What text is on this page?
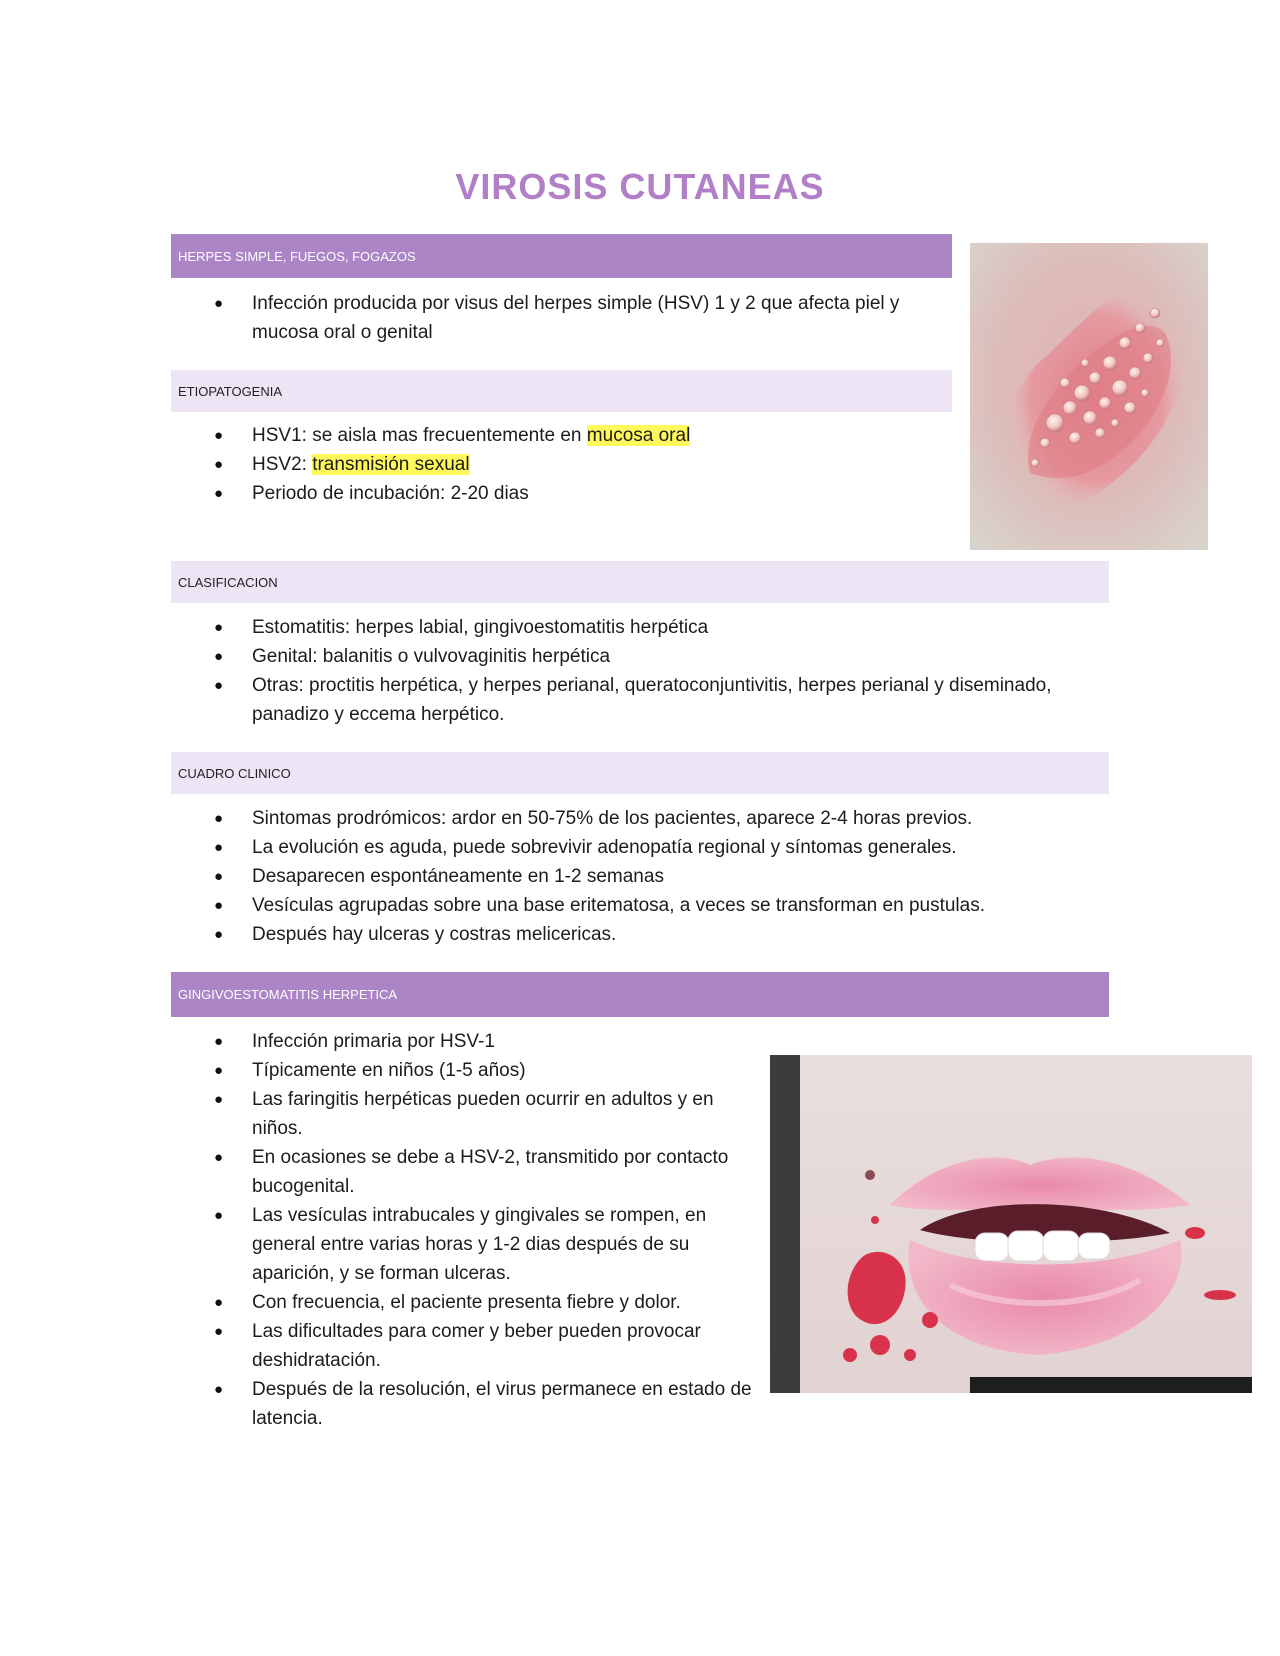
VIROSIS CUTANEAS
HERPES SIMPLE, FUEGOS, FOGAZOS
● Infección producida por visus del herpes simple (HSV) 1 y 2 que afecta piel y mucosa oral o genital
ETIOPATOGENIA
● HSV1: se aisla mas frecuentemente en mucosa oral
● HSV2: transmisión sexual
● Periodo de incubación: 2-20 dias
CLASIFICACION
● Estomatitis: herpes labial, gingivoestomatitis herpética
● Genital: balanitis o vulvovaginitis herpética
● Otras: proctitis herpética, y herpes perianal, queratoconjuntivitis, herpes perianal y diseminado, panadizo y eccema herpético.
CUADRO CLINICO
● Sintomas prodrómicos: ardor en 50-75% de los pacientes, aparece 2-4 horas previos.
● La evolución es aguda, puede sobrevivir adenopatía regional y síntomas generales.
● Desaparecen espontáneamente en 1-2 semanas
● Vesículas agrupadas sobre una base eritematosa, a veces se transforman en pustulas.
● Después hay ulceras y costras melicericas.
GINGIVOESTOMATITIS HERPETICA
● Infección primaria por HSV-1
● Típicamente en niños (1-5 años)
● Las faringitis herpéticas pueden ocurrir en adultos y en niños.
● En ocasiones se debe a HSV-2, transmitido por contacto bucogenital.
● Las vesículas intrabucales y gingivales se rompen, en general entre varias horas y 1-2 dias después de su aparición, y se forman ulceras.
● Con frecuencia, el paciente presenta fiebre y dolor.
● Las dificultades para comer y beber pueden provocar deshidratación.
● Después de la resolución, el virus permanece en estado de latencia.
